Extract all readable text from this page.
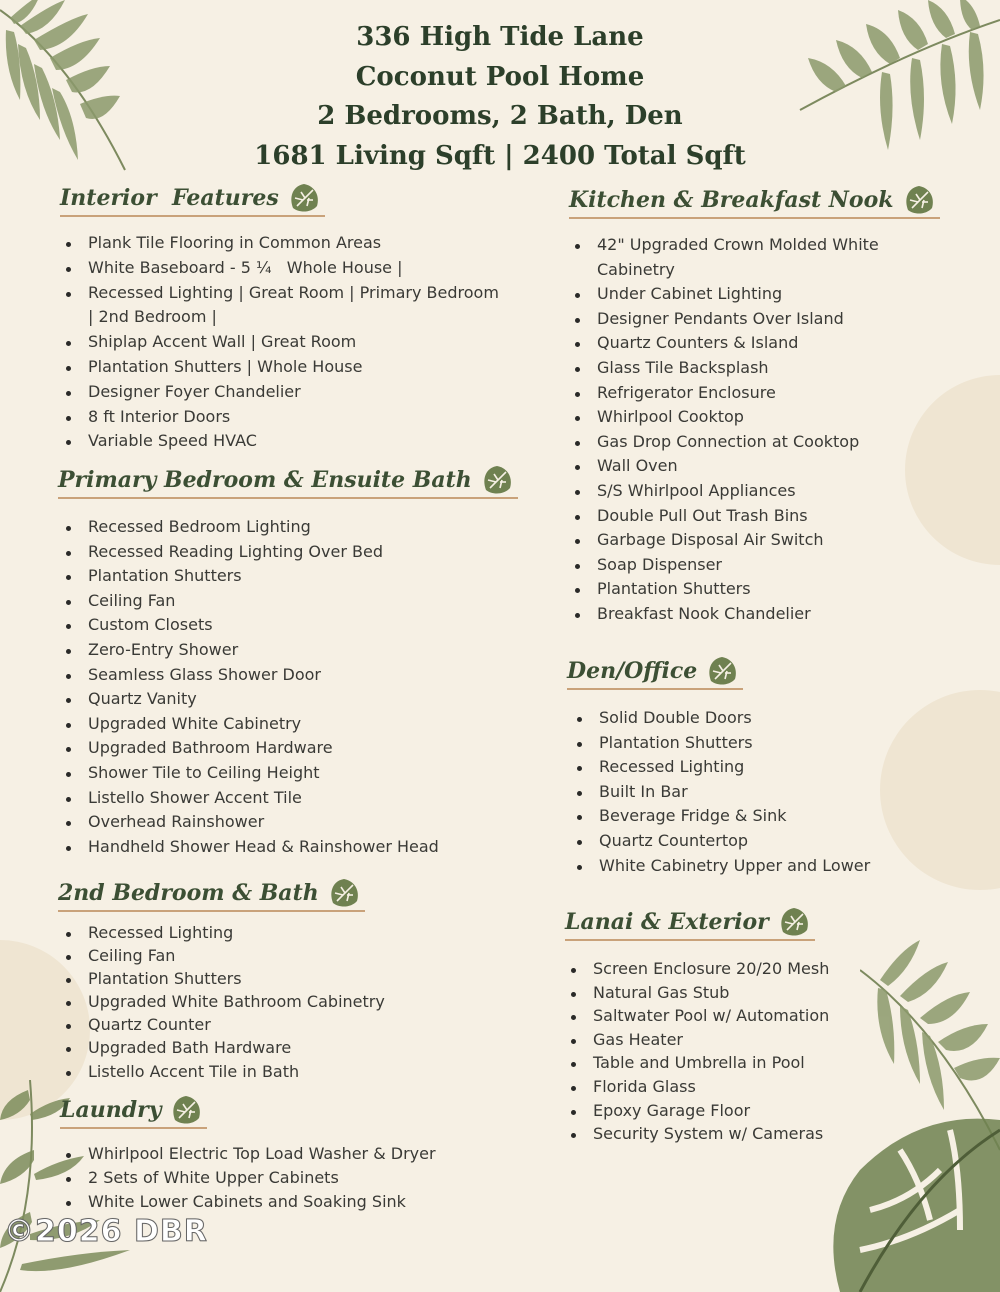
336 High Tide Lane
Coconut Pool Home
2 Bedrooms, 2 Bath, Den
1681 Living Sqft | 2400 Total Sqft
Interior  Features
Plank Tile Flooring in Common Areas
White Baseboard - 5 ¼   Whole House |
Recessed Lighting | Great Room | Primary Bedroom
| 2nd Bedroom |
Shiplap Accent Wall | Great Room
Plantation Shutters | Whole House
Designer Foyer Chandelier
8 ft Interior Doors
Variable Speed HVAC
Primary Bedroom & Ensuite Bath
Recessed Bedroom Lighting
Recessed Reading Lighting Over Bed
Plantation Shutters
Ceiling Fan
Custom Closets
Zero-Entry Shower
Seamless Glass Shower Door
Quartz Vanity
Upgraded White Cabinetry
Upgraded Bathroom Hardware
Shower Tile to Ceiling Height
Listello Shower Accent Tile
Overhead Rainshower
Handheld Shower Head & Rainshower Head
2nd Bedroom & Bath
Recessed Lighting
Ceiling Fan
Plantation Shutters
Upgraded White Bathroom Cabinetry
Quartz Counter
Upgraded Bath Hardware
Listello Accent Tile in Bath
Laundry
Whirlpool Electric Top Load Washer & Dryer
2 Sets of White Upper Cabinets
White Lower Cabinets and Soaking Sink
Kitchen & Breakfast Nook
42" Upgraded Crown Molded White
Cabinetry
Under Cabinet Lighting
Designer Pendants Over Island
Quartz Counters & Island
Glass Tile Backsplash
Refrigerator Enclosure
Whirlpool Cooktop
Gas Drop Connection at Cooktop
Wall Oven
S/S Whirlpool Appliances
Double Pull Out Trash Bins
Garbage Disposal Air Switch
Soap Dispenser
Plantation Shutters
Breakfast Nook Chandelier
Den/Office
Solid Double Doors
Plantation Shutters
Recessed Lighting
Built In Bar
Beverage Fridge & Sink
Quartz Countertop
White Cabinetry Upper and Lower
Lanai & Exterior
Screen Enclosure 20/20 Mesh
Natural Gas Stub
Saltwater Pool w/ Automation
Gas Heater
Table and Umbrella in Pool
Florida Glass
Epoxy Garage Floor
Security System w/ Cameras
©2026 DBR
